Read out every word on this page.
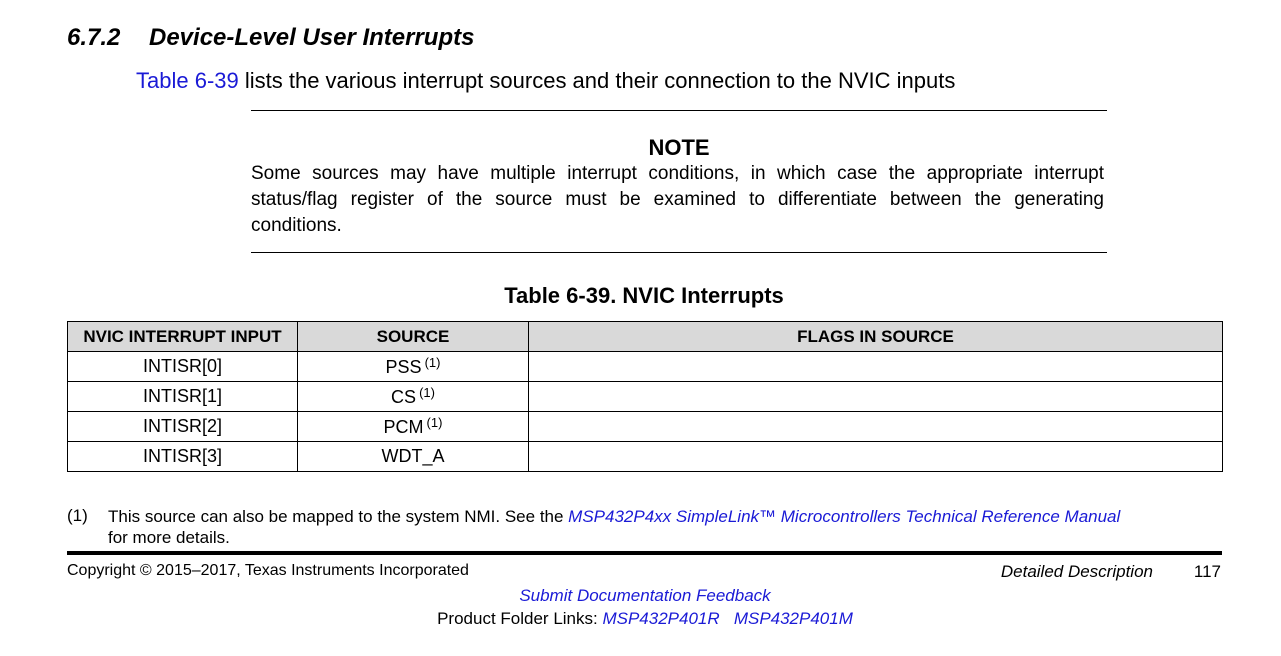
6.7.2 Device-Level User Interrupts
Table 6-39 lists the various interrupt sources and their connection to the NVIC inputs
NOTE
Some sources may have multiple interrupt conditions, in which case the appropriate interrupt status/flag register of the source must be examined to differentiate between the generating conditions.
Table 6-39. NVIC Interrupts
NVIC INTERRUPT INPUT	SOURCE	FLAGS IN SOURCE
INTISR[0]	PSS $^{(1)}$	
INTISR[1]	CS $^{(1)}$	
INTISR[2]	PCM $^{(1)}$	
INTISR[3]	WDT_A	
(1) This source can also be mapped to the system NMI. See the MSP432P4xx SimpleLink™ Microcontrollers Technical Reference Manual
for more details.
Copyright © 2015–2017, Texas Instruments Incorporated	Detailed Description 117
Submit Documentation Feedback
Product Folder Links: MSP432P401R MSP432P401M
